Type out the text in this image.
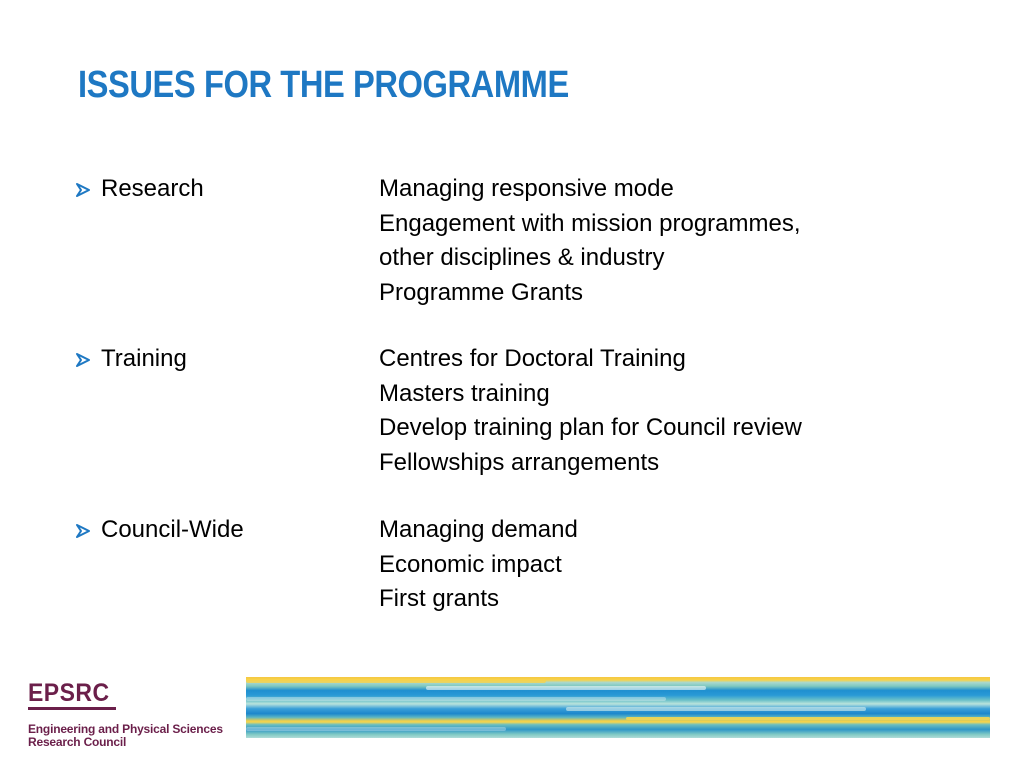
ISSUES FOR THE PROGRAMME
Research	Managing responsive mode
Engagement with mission programmes,
other disciplines & industry
Programme Grants
Training	Centres for Doctoral Training
Masters training
Develop training plan for Council review
Fellowships arrangements
Council-Wide	Managing demand
Economic impact
First grants
EPSRC
Engineering and Physical Sciences
Research Council
